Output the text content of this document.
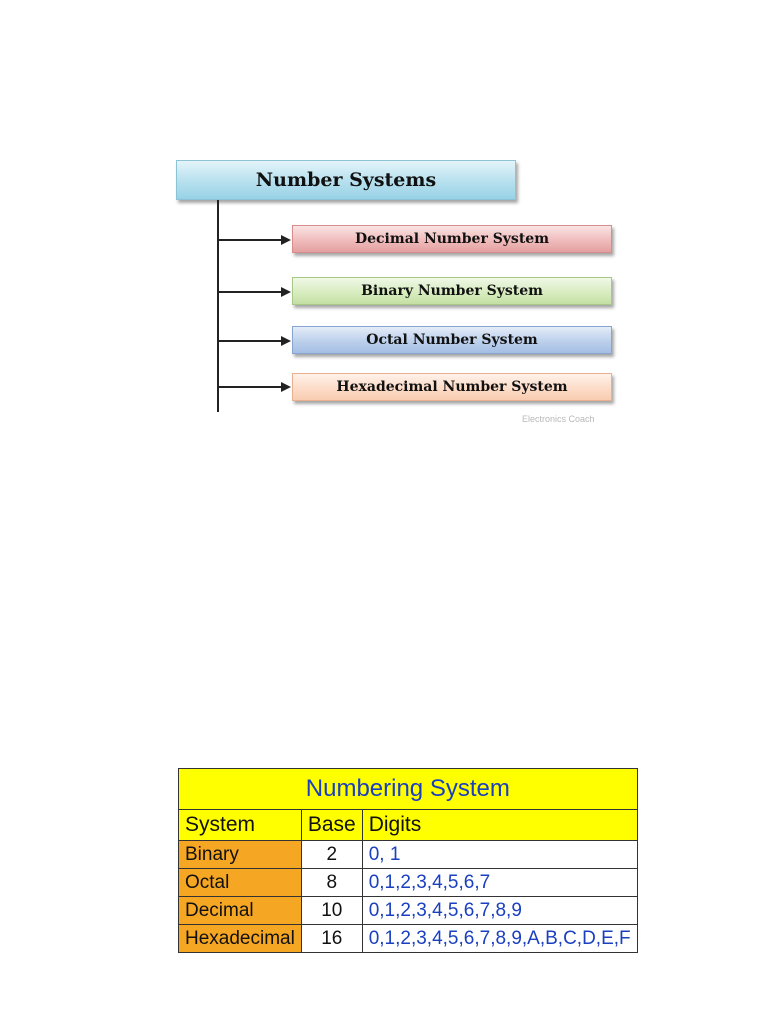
Number Systems
Decimal Number System
Binary Number System
Octal Number System
Hexadecimal Number System
Electronics Coach
Numbering System		
System	Base	Digits
Binary	2	0, 1
Octal	8	0,1,2,3,4,5,6,7
Decimal	10	0,1,2,3,4,5,6,7,8,9
Hexadecimal	16	0,1,2,3,4,5,6,7,8,9,A,B,C,D,E,F
